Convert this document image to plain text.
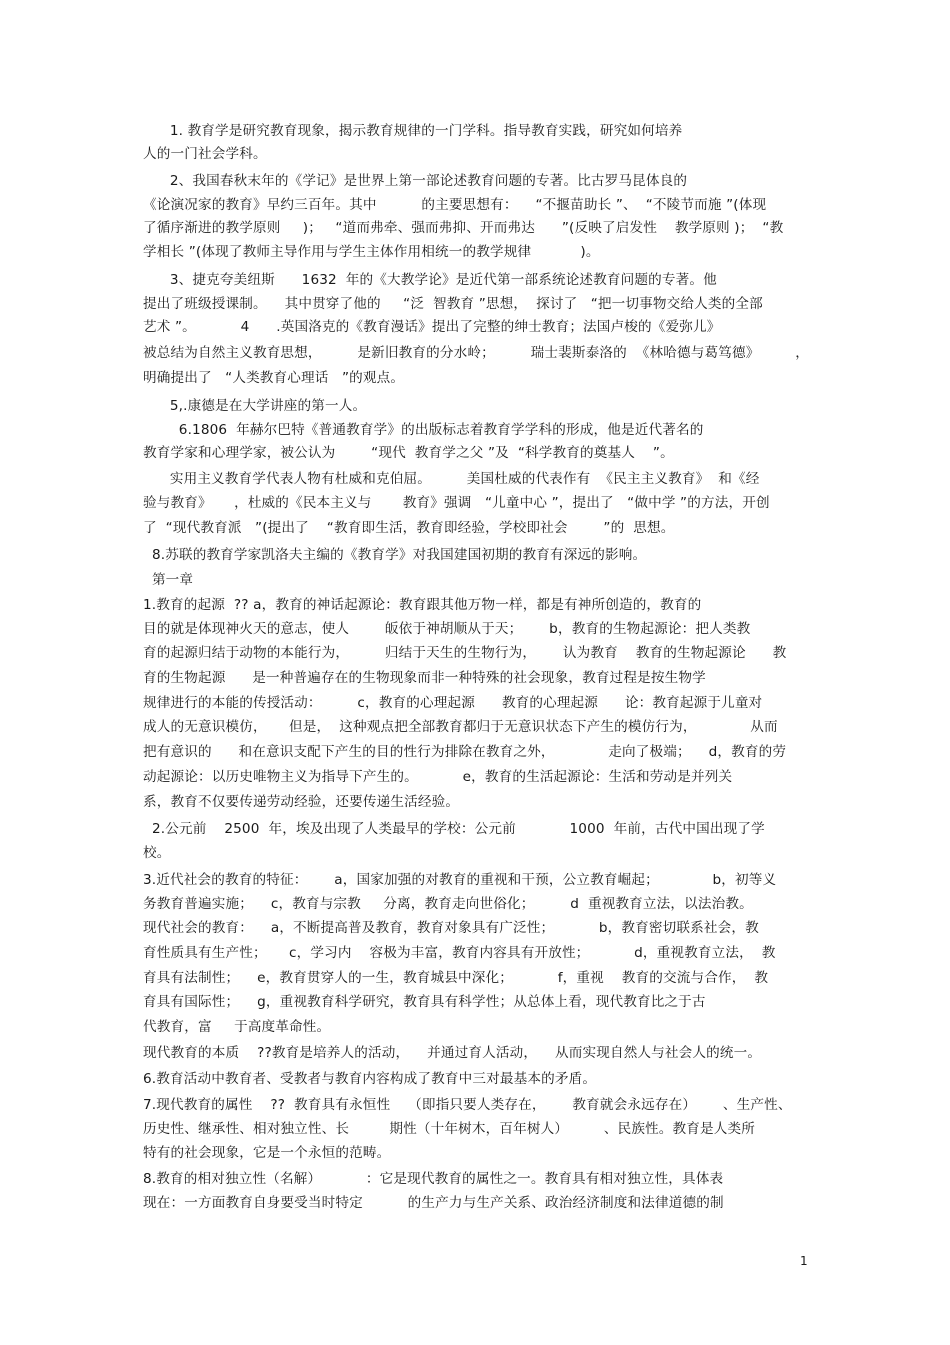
1. 教育学是研究教育现象，揭示教育规律的一门学科。指导教育实践，研究如何培养
人的一门社会学科。
2、我国春秋末年的《学记》是世界上第一部论述教育问题的专著。比古罗马昆体良的
《论演况家的教育》早约三百年。其中          的主要思想有：    “不揠苗助长 ”、  “不陵节而施 ”(体现
了循序渐进的教学原则     )；   “道而弗牵、强而弗抑、开而弗达      ”(反映了启发性    教学原则 )；  “教
学相长 ”(体现了教师主导作用与学生主体作用相统一的教学规律           )。
3、捷克夸美纽斯      1632  年的《大教学论》是近代第一部系统论述教育问题的专著。他
提出了班级授课制。    其中贯穿了他的     “泛  智教育 ”思想，  探讨了   “把一切事物交给人类的全部
艺术 ”。          4      .英国洛克的《教育漫话》提出了完整的绅士教育；法国卢梭的《爱弥儿》
被总结为自然主义教育思想，        是新旧教育的分水岭；        瑞士裴斯泰洛的  《林哈德与葛笃德》        ，
明确提出了   “人类教育心理话   ”的观点。
5,.康德是在大学讲座的第一人。
6.1806  年赫尔巴特《普通教育学》的出版标志着教育学学科的形成，他是近代著名的
教育学家和心理学家，被公认为        “现代  教育学之父 ”及  “科学教育的奠基人    ”。
实用主义教育学代表人物有杜威和克伯屈。        美国杜威的代表作有  《民主主义教育》  和《经
验与教育》     ，杜威的《民本主义与       教育》强调   “儿童中心 ”，提出了   “做中学 ”的方法，开创
了  “现代教育派   ”(提出了    “教育即生活，教育即经验，学校即社会        ”的  思想。
8.苏联的教育学家凯洛夫主编的《教育学》对我国建国初期的教育有深远的影响。
第一章
1.教育的起源  ?? a，教育的神话起源论：教育跟其他万物一样，都是有神所创造的，教育的
目的就是体现神火天的意志，使人        皈依于神胡顺从于天；      b，教育的生物起源论：把人类教
育的起源归结于动物的本能行为，        归结于天生的生物行为，      认为教育    教育的生物起源论      教
育的生物起源      是一种普遍存在的生物现象而非一种特殊的社会现象，教育过程是按生物学
规律进行的本能的传授活动：        c，教育的心理起源      教育的心理起源      论：教育起源于儿童对
成人的无意识模仿，     但是，  这种观点把全部教育都归于无意识状态下产生的模仿行为，            从而
把有意识的      和在意识支配下产生的目的性行为排除在教育之外，            走向了极端；    d，教育的劳
动起源论：以历史唯物主义为指导下产生的。          e，教育的生活起源论：生活和劳动是并列关
系，教育不仅要传递劳动经验，还要传递生活经验。
2.公元前    2500  年，埃及出现了人类最早的学校：公元前            1000  年前，古代中国出现了学
校。
3.近代社会的教育的特征：      a，国家加强的对教育的重视和干预，公立教育崛起；            b，初等义
务教育普遍实施；    c，教育与宗教     分离，教育走向世俗化；        d  重视教育立法，以法治教。
现代社会的教育：    a，不断提高普及教育，教育对象具有广泛性；          b，教育密切联系社会，教
育性质具有生产性；     c，学习内    容极为丰富，教育内容具有开放性；          d，重视教育立法，  教
育具有法制性；    e，教育贯穿人的一生，教育城县中深化；          f，重视    教育的交流与合作，  教
育具有国际性；    g，重视教育科学研究，教育具有科学性；从总体上看，现代教育比之于古
代教育，富     于高度革命性。
现代教育的本质    ??教育是培养人的活动，    并通过育人活动，    从而实现自然人与社会人的统一。
6.教育活动中教育者、受教者与教育内容构成了教育中三对最基本的矛盾。
7.现代教育的属性    ??  教育具有永恒性    （即指只要人类存在，      教育就会永远存在）      、生产性、
历史性、继承性、相对独立性、长         期性（十年树木，百年树人）        、民族性。教育是人类所
特有的社会现象，它是一个永恒的范畴。
8.教育的相对独立性（名解）          ：它是现代教育的属性之一。教育具有相对独立性，具体表
现在：一方面教育自身要受当时特定          的生产力与生产关系、政治经济制度和法律道德的制
1
